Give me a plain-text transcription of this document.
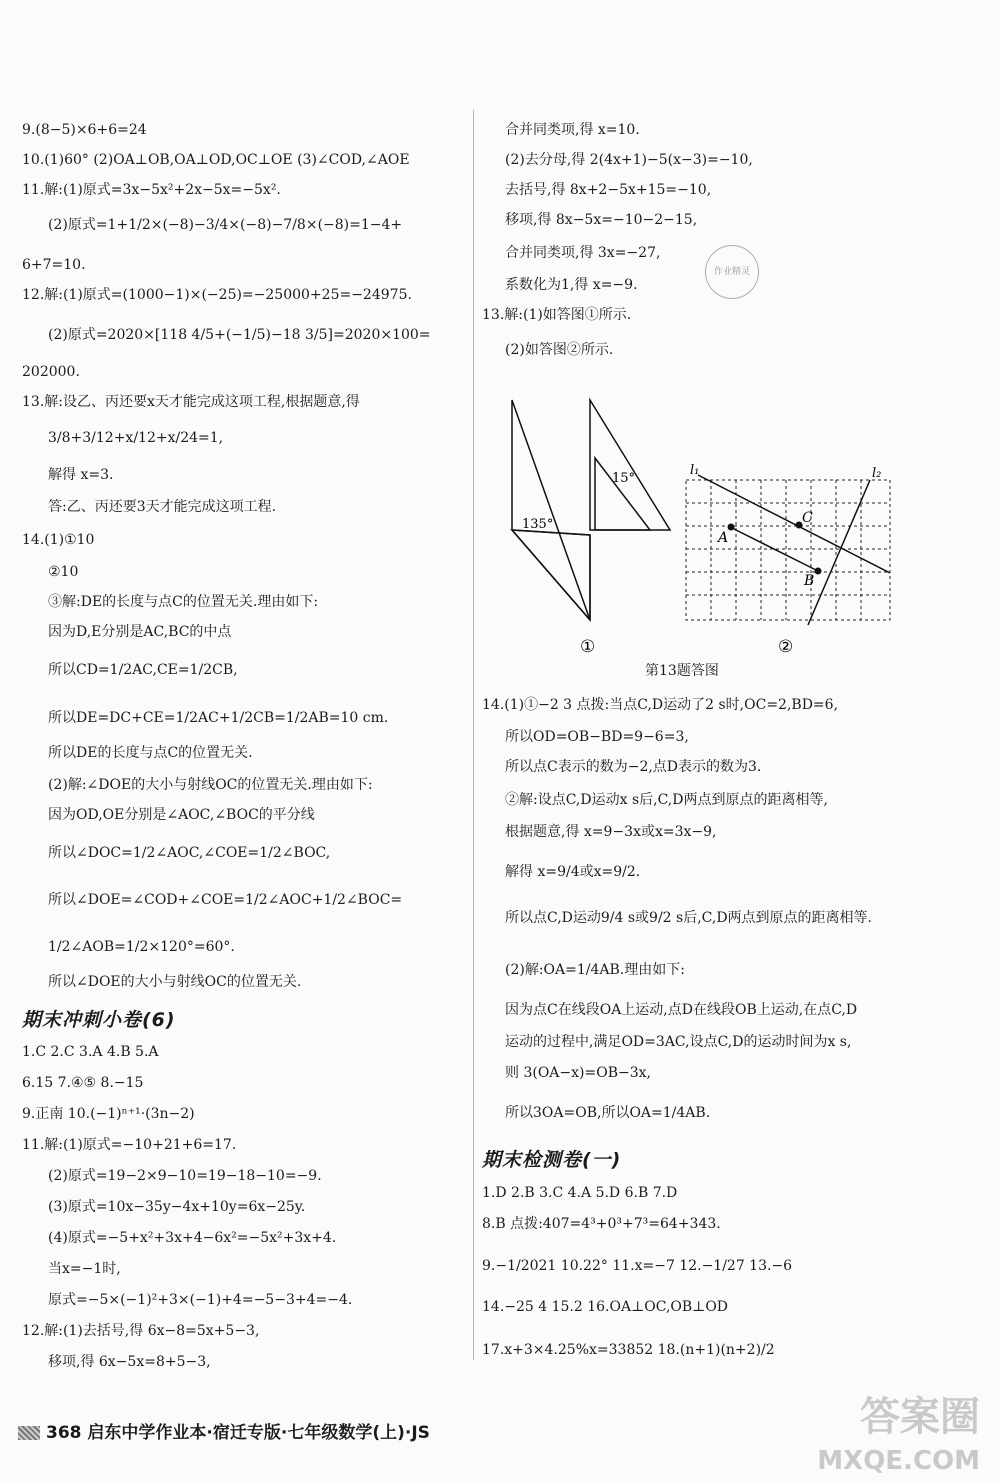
9.(8−5)×6+6=24
10.(1)60° (2)OA⊥OB,OA⊥OD,OC⊥OE (3)∠COD,∠AOE
11.解:(1)原式=3x−5x²+2x−5x=−5x².
(2)原式=1+1/2×(−8)−3/4×(−8)−7/8×(−8)=1−4+
6+7=10.
12.解:(1)原式=(1000−1)×(−25)=−25000+25=−24975.
(2)原式=2020×[118 4/5+(−1/5)−18 3/5]=2020×100=
202000.
13.解:设乙、丙还要x天才能完成这项工程,根据题意,得
3/8+3/12+x/12+x/24=1,
解得 x=3.
答:乙、丙还要3天才能完成这项工程.
14.(1)①10
②10
③解:DE的长度与点C的位置无关.理由如下:
因为D,E分别是AC,BC的中点
所以CD=1/2AC,CE=1/2CB,
所以DE=DC+CE=1/2AC+1/2CB=1/2AB=10 cm.
所以DE的长度与点C的位置无关.
(2)解:∠DOE的大小与射线OC的位置无关.理由如下:
因为OD,OE分别是∠AOC,∠BOC的平分线
所以∠DOC=1/2∠AOC,∠COE=1/2∠BOC,
所以∠DOE=∠COD+∠COE=1/2∠AOC+1/2∠BOC=
1/2∠AOB=1/2×120°=60°.
所以∠DOE的大小与射线OC的位置无关.
1.C 2.C 3.A 4.B 5.A
6.15 7.④⑤ 8.−15
9.正南 10.(−1)ⁿ⁺¹·(3n−2)
11.解:(1)原式=−10+21+6=17.
(2)原式=19−2×9−10=19−18−10=−9.
(3)原式=10x−35y−4x+10y=6x−25y.
(4)原式=−5+x²+3x+4−6x²=−5x²+3x+4.
当x=−1时,
原式=−5×(−1)²+3×(−1)+4=−5−3+4=−4.
12.解:(1)去括号,得 6x−8=5x+5−3,
移项,得 6x−5x=8+5−3,
合并同类项,得 x=10.
(2)去分母,得 2(4x+1)−5(x−3)=−10,
去括号,得 8x+2−5x+15=−10,
移项,得 8x−5x=−10−2−15,
合并同类项,得 3x=−27,
系数化为1,得 x=−9.
13.解:(1)如答图①所示.
(2)如答图②所示.
14.(1)①−2 3 点拨:当点C,D运动了2 s时,OC=2,BD=6,
所以OD=OB−BD=9−6=3,
所以点C表示的数为−2,点D表示的数为3.
②解:设点C,D运动x s后,C,D两点到原点的距离相等,
根据题意,得 x=9−3x或x=3x−9,
解得 x=9/4或x=9/2.
所以点C,D运动9/4 s或9/2 s后,C,D两点到原点的距离相等.
(2)解:OA=1/4AB.理由如下:
因为点C在线段OA上运动,点D在线段OB上运动,在点C,D
运动的过程中,满足OD=3AC,设点C,D的运动时间为x s,
则 3(OA−x)=OB−3x,
所以3OA=OB,所以OA=1/4AB.
1.D 2.B 3.C 4.A 5.D 6.B 7.D
8.B 点拨:407=4³+0³+7³=64+343.
9.−1/2021 10.22° 11.x=−7 12.−1/27 13.−6
14.−25 4 15.2 16.OA⊥OC,OB⊥OD
17.x+3×4.25%x=33852 18.(n+1)(n+2)/2
期末冲刺小卷(6)
期末检测卷(一)
135°
15°
①
l₁	l₂
A
C
B
②
第13题答图
作业精灵
368 启东中学作业本·宿迁专版·七年级数学(上)·JS	答案圈
MXQE.COM
